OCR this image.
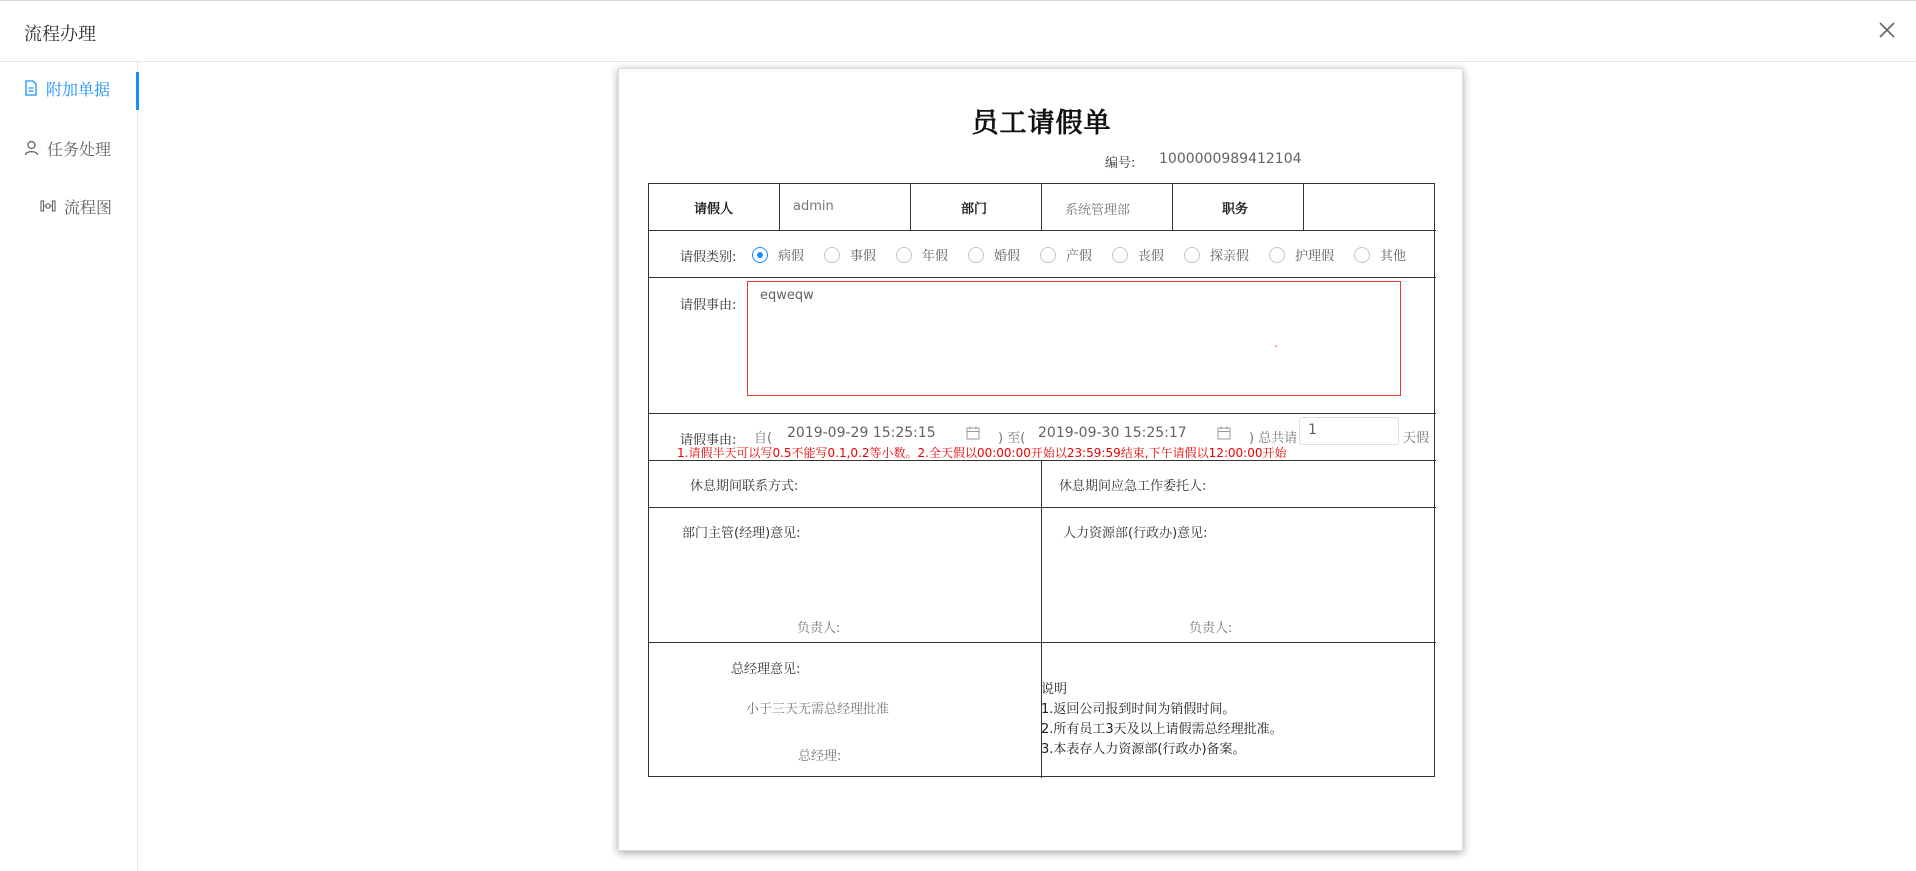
流程办理
附加单据
任务处理
流程图
员工请假单
编号: 1000000989412104
请假人	admin	部门	系统管理部	职务
请假类别:	病假	事假	年假	婚假	产假	丧假	探亲假	护理假	其他
请假事由:
eqweqw
-
请假事由: 自( 2019-09-29 15:25:15	) 至( 2019-09-30 15:25:17	) 总共请
1
天假
休息期间联系方式:	休息期间应急工作委托人:
部门主管(经理)意见:
负责人:
人力资源部(行政办)意见:
负责人:
总经理意见:
小于三天无需总经理批准
总经理:
说明
1.返回公司报到时间为销假时间。
2.所有员工3天及以上请假需总经理批准。
3.本表存人力资源部(行政办)备案。
1.请假半天可以写0.5不能写0.1,0.2等小数。2.全天假以00:00:00开始以23:59:59结束,下午请假以12:00:00开始
